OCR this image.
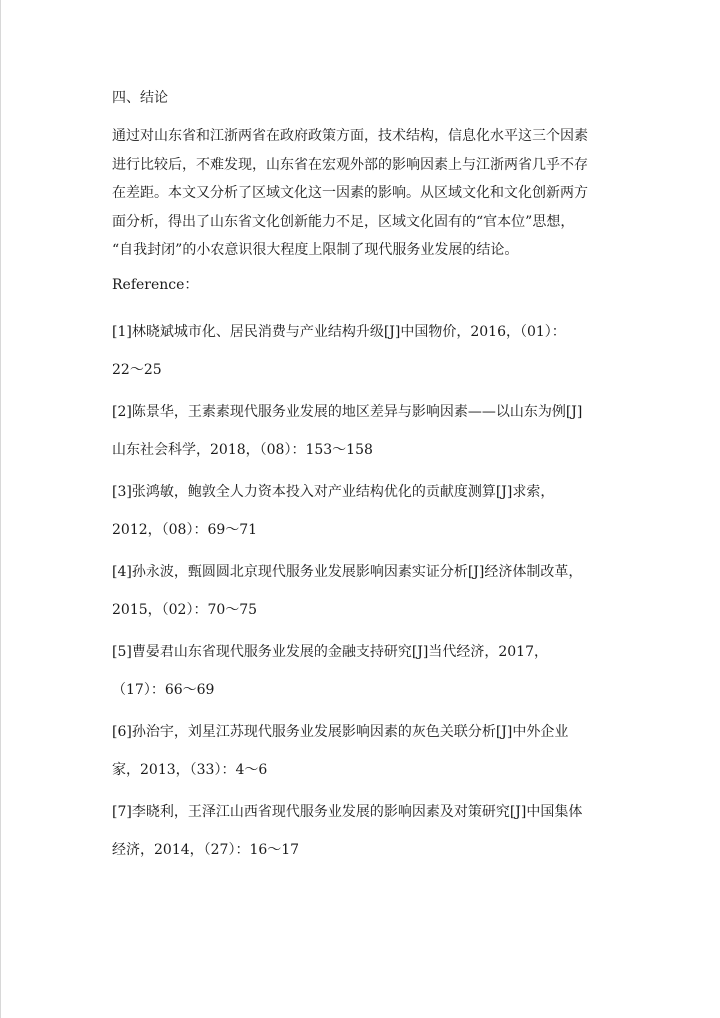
四、结论
通过对山东省和江浙两省在政府政策方面，技术结构，信息化水平这三个因素
进行比较后，不难发现，山东省在宏观外部的影响因素上与江浙两省几乎不存
在差距。本文又分析了区域文化这一因素的影响。从区域文化和文化创新两方
面分析，得出了山东省文化创新能力不足，区域文化固有的“官本位”思想，
“自我封闭”的小农意识很大程度上限制了现代服务业发展的结论。
Reference：
[1]林晓斌城市化、居民消费与产业结构升级[J]中国物价，2016，（01）：
22～25
[2]陈景华，王素素现代服务业发展的地区差异与影响因素——以山东为例[J]
山东社会科学，2018，（08）：153～158
[3]张鸿敏，鲍敦全人力资本投入对产业结构优化的贡献度测算[J]求索，
2012，（08）：69～71
[4]孙永波，甄圆圆北京现代服务业发展影响因素实证分析[J]经济体制改革，
2015，（02）：70～75
[5]曹晏君山东省现代服务业发展的金融支持研究[J]当代经济，2017，
（17）：66～69
[6]孙治宇，刘星江苏现代服务业发展影响因素的灰色关联分析[J]中外企业
家，2013，（33）：4～6
[7]李晓利，王泽江山西省现代服务业发展的影响因素及对策研究[J]中国集体
经济，2014，（27）：16～17
